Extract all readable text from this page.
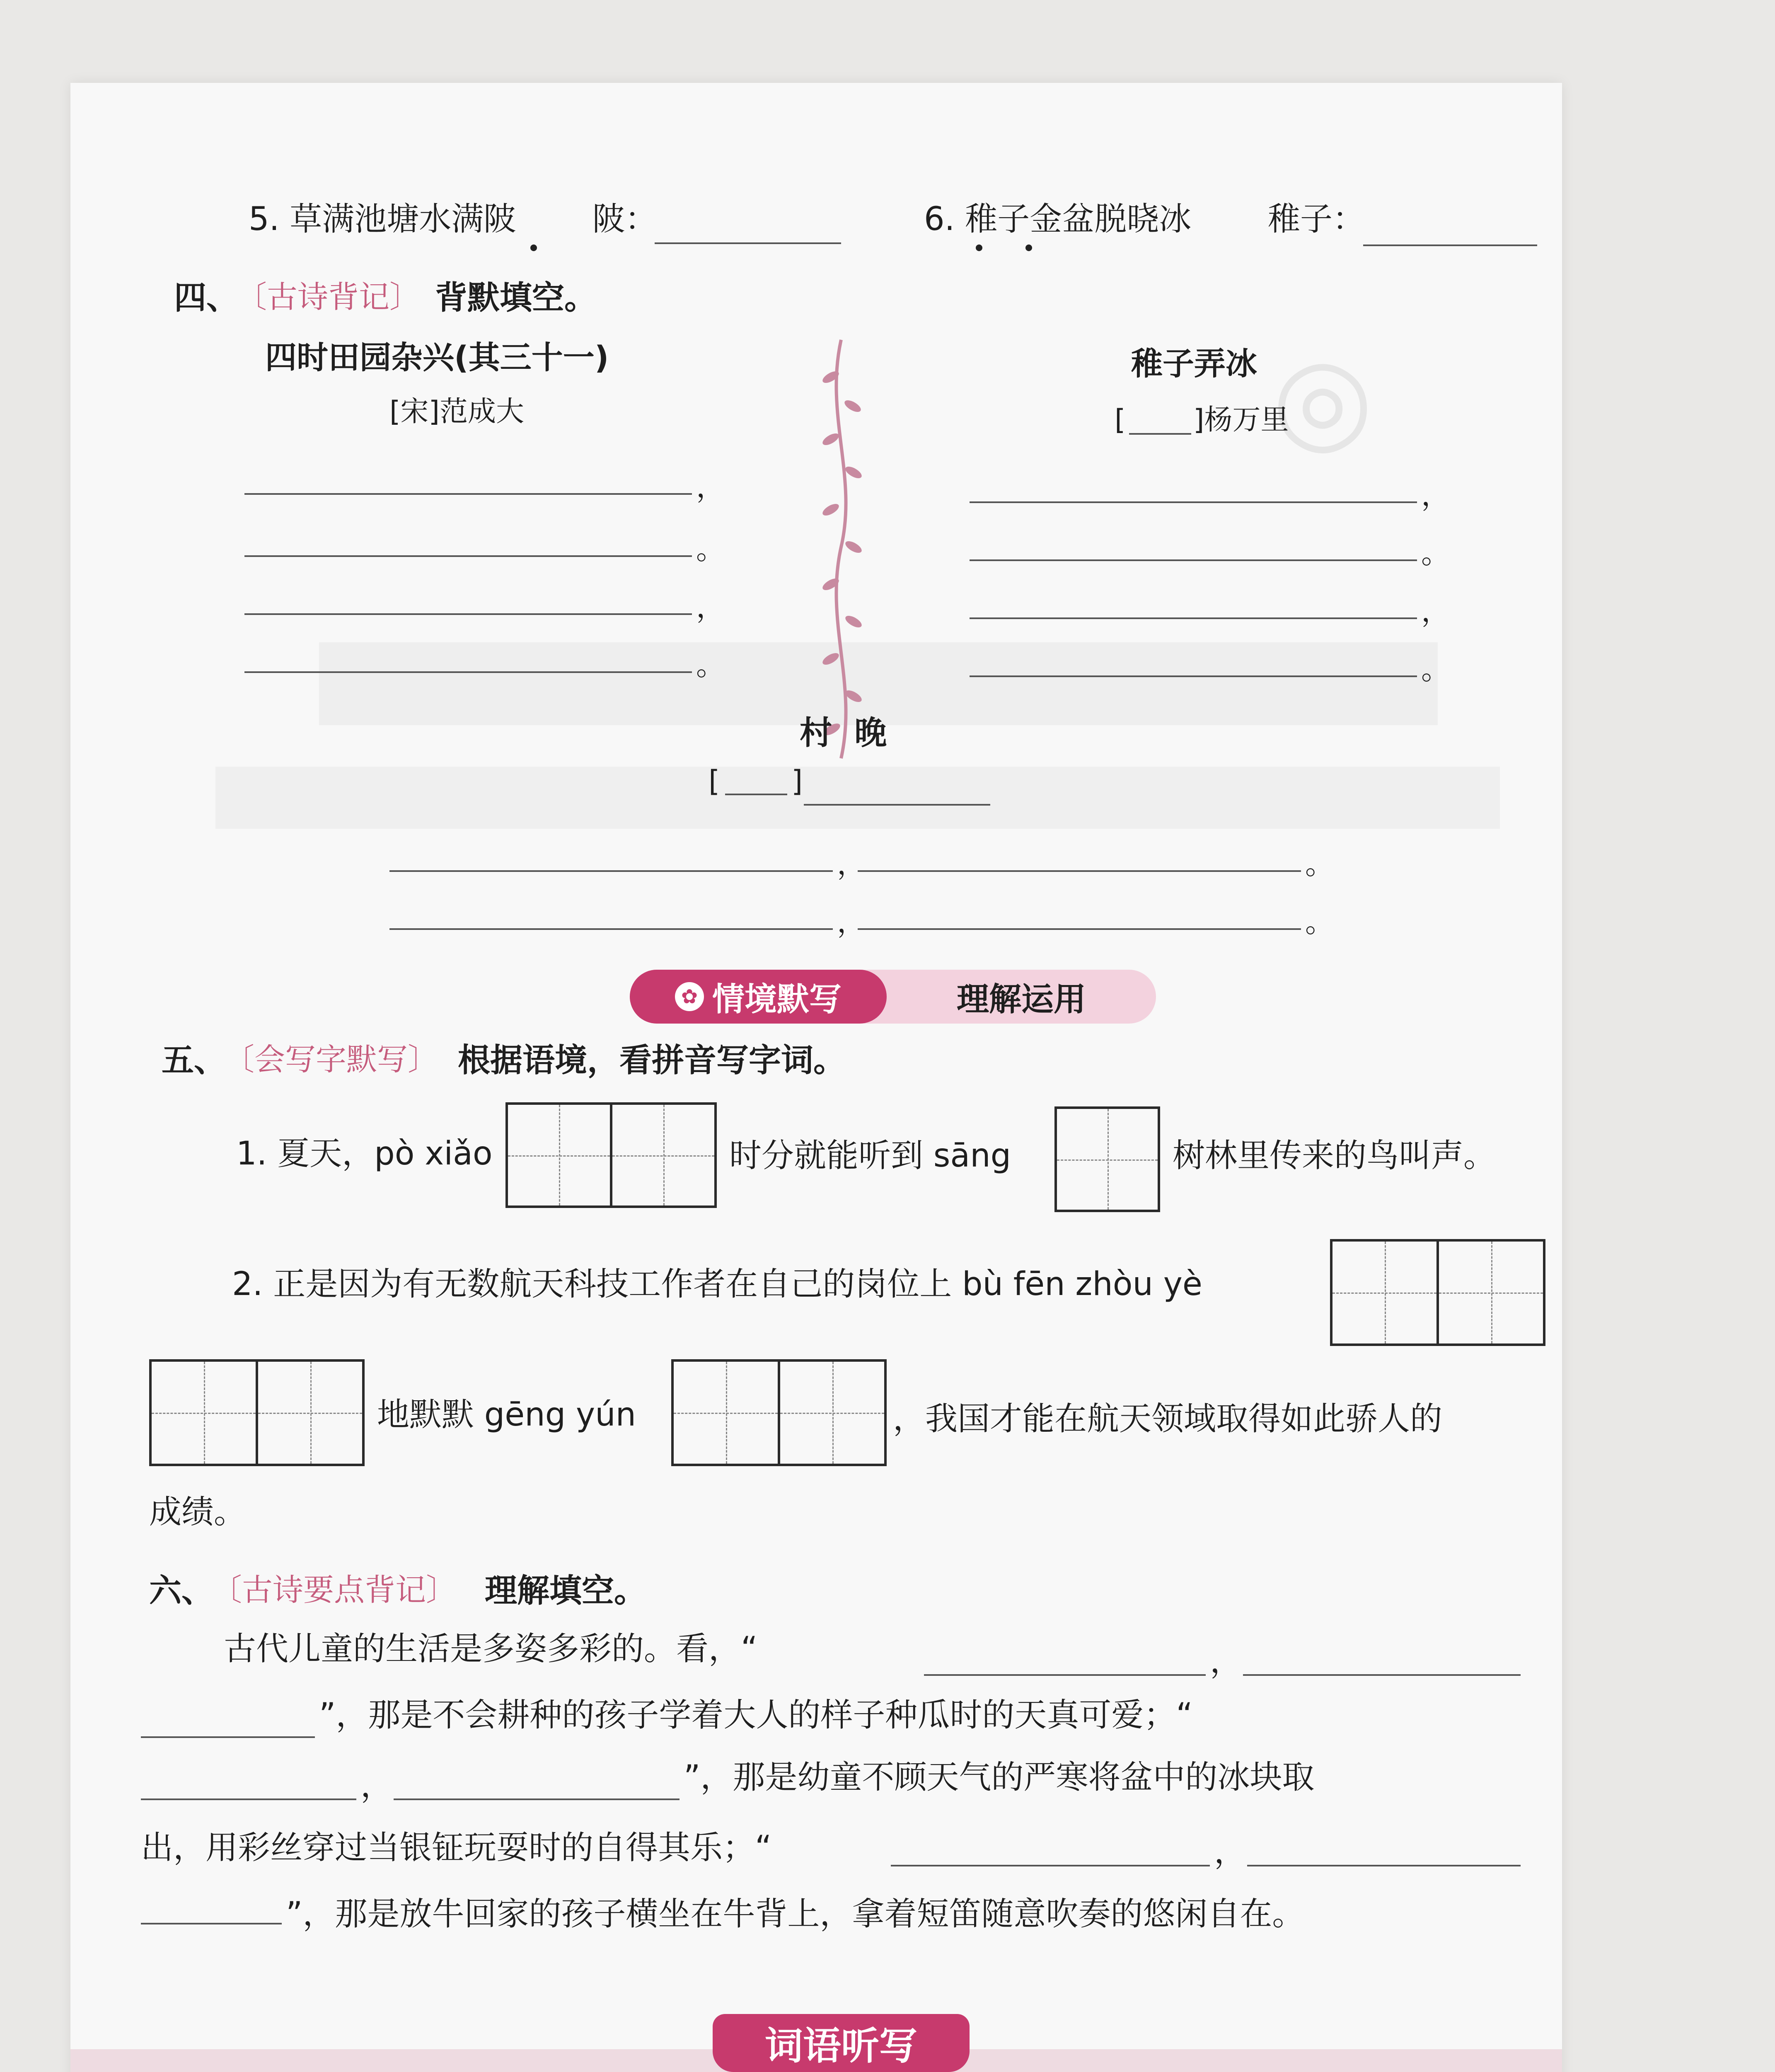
◎
5. 草满池塘水满陂 陂：	6. 稚子金盆脱晓冰 稚子：
四、
〔古诗背记〕 背默填空。
四时田园杂兴(其三十一)
[宋]范成大
，
。
，
。
稚子弄冰
[ ]杨万里
，
。
，
。
村  晚
[ ]
，	。
，	。
✿ 情境默写	理解运用
五、
〔会写字默写〕 根据语境，看拼音写字词。
1. 夏天，pò xiǎo	时分就能听到 sāng	树林里传来的鸟叫声。
2. 正是因为有无数航天科技工作者在自己的岗位上 bù fēn zhòu yè
地默默 gēng yún	，我国才能在航天领域取得如此骄人的
成绩。
六、
〔古诗要点背记〕 理解填空。
古代儿童的生活是多姿多彩的。看，“	，
”，那是不会耕种的孩子学着大人的样子种瓜时的天真可爱；“
，	”，那是幼童不顾天气的严寒将盆中的冰块取
出，用彩丝穿过当银钲玩耍时的自得其乐；“	，
”，那是放牛回家的孩子横坐在牛背上，拿着短笛随意吹奏的悠闲自在。
词语听写
